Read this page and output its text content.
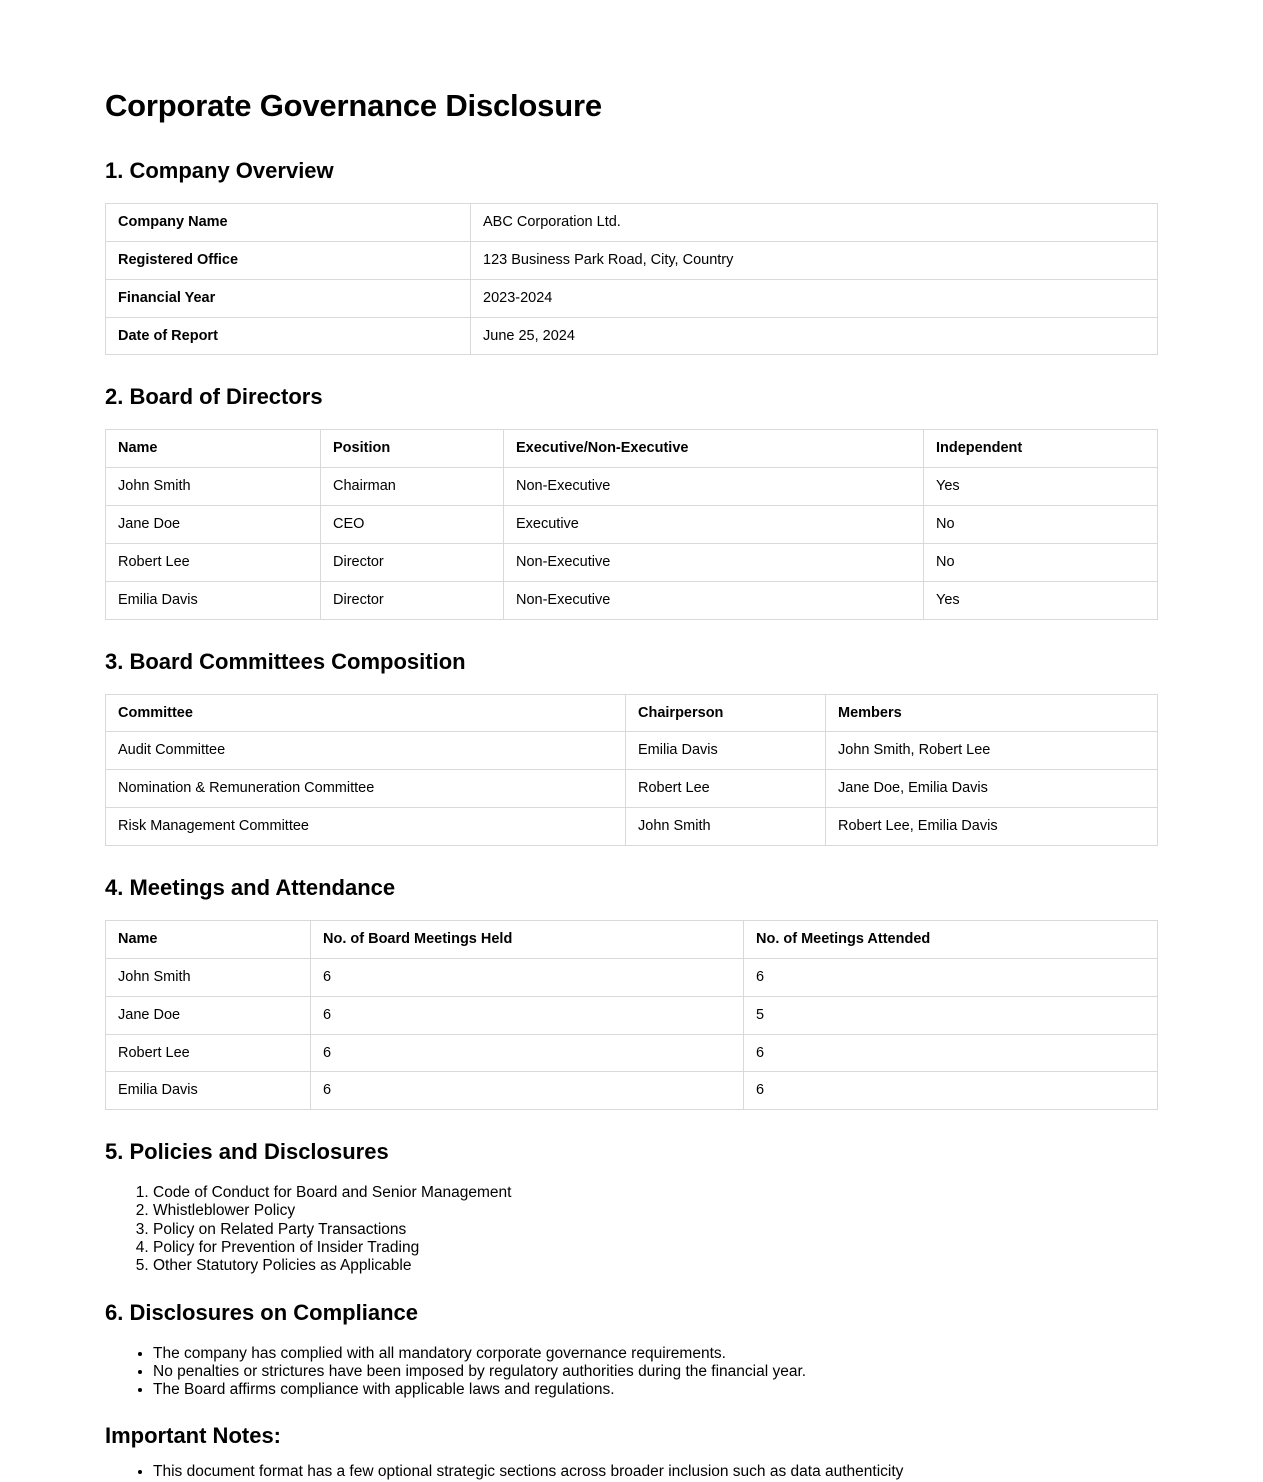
Corporate Governance Disclosure
1. Company Overview
Company Name	ABC Corporation Ltd.
Registered Office	123 Business Park Road, City, Country
Financial Year	2023-2024
Date of Report	June 25, 2024
2. Board of Directors
Name	Position	Executive/Non-Executive	Independent
John Smith	Chairman	Non-Executive	Yes
Jane Doe	CEO	Executive	No
Robert Lee	Director	Non-Executive	No
Emilia Davis	Director	Non-Executive	Yes
3. Board Committees Composition
Committee	Chairperson	Members
Audit Committee	Emilia Davis	John Smith, Robert Lee
Nomination & Remuneration Committee	Robert Lee	Jane Doe, Emilia Davis
Risk Management Committee	John Smith	Robert Lee, Emilia Davis
4. Meetings and Attendance
Name	No. of Board Meetings Held	No. of Meetings Attended
John Smith	6	6
Jane Doe	6	5
Robert Lee	6	6
Emilia Davis	6	6
5. Policies and Disclosures
1. Code of Conduct for Board and Senior Management
2. Whistleblower Policy
3. Policy on Related Party Transactions
4. Policy for Prevention of Insider Trading
5. Other Statutory Policies as Applicable
6. Disclosures on Compliance
• The company has complied with all mandatory corporate governance requirements.
• No penalties or strictures have been imposed by regulatory authorities during the financial year.
• The Board affirms compliance with applicable laws and regulations.
Important Notes:
• This document format has a few optional strategic sections across broader inclusion such as data authenticity
